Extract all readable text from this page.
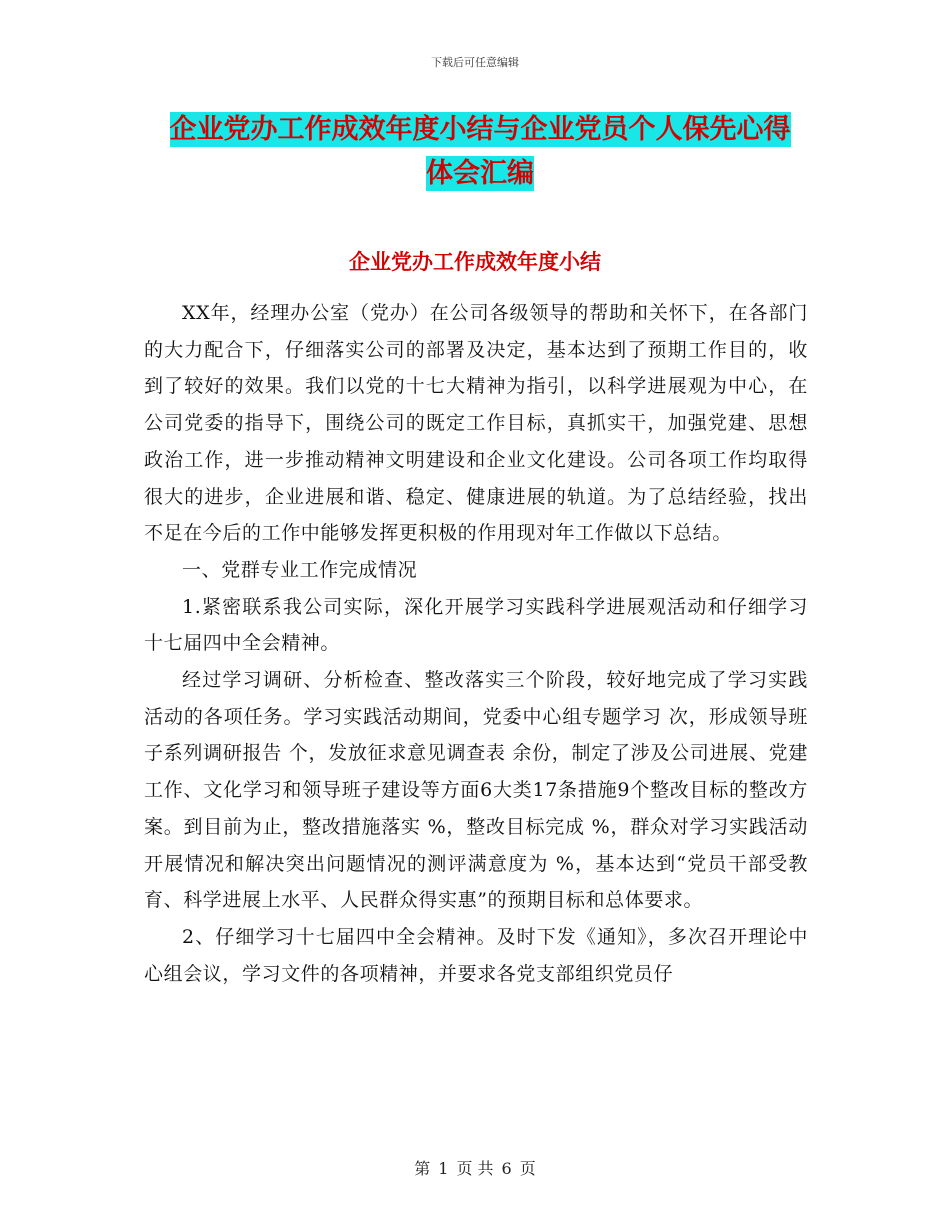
下载后可任意编辑
企业党办工作成效年度小结与企业党员个人保先心得
体会汇编
企业党办工作成效年度小结

XX年，经理办公室（党办）在公司各级领导的帮助和关怀下，在各部门的大力配合下，仔细落实公司的部署及决定，基本达到了预期工作目的，收到了较好的效果。我们以党的十七大精神为指引，以科学进展观为中心，在公司党委的指导下，围绕公司的既定工作目标，真抓实干，加强党建、思想政治工作，进一步推动精神文明建设和企业文化建设。公司各项工作均取得很大的进步，企业进展和谐、稳定、健康进展的轨道。为了总结经验，找出不足在今后的工作中能够发挥更积极的作用现对年工作做以下总结。

一、党群专业工作完成情况

1.紧密联系我公司实际，深化开展学习实践科学进展观活动和仔细学习十七届四中全会精神。

经过学习调研、分析检查、整改落实三个阶段，较好地完成了学习实践活动的各项任务。学习实践活动期间，党委中心组专题学习 次，形成领导班子系列调研报告 个，发放征求意见调查表 余份，制定了涉及公司进展、党建工作、文化学习和领导班子建设等方面6大类17条措施9个整改目标的整改方案。到目前为止，整改措施落实 %，整改目标完成 %，群众对学习实践活动开展情况和解决突出问题情况的测评满意度为 %，基本达到“党员干部受教育、科学进展上水平、人民群众得实惠”的预期目标和总体要求。

2、仔细学习十七届四中全会精神。及时下发《通知》，多次召开理论中心组会议，学习文件的各项精神，并要求各党支部组织党员仔

第 1 页 共 6 页
